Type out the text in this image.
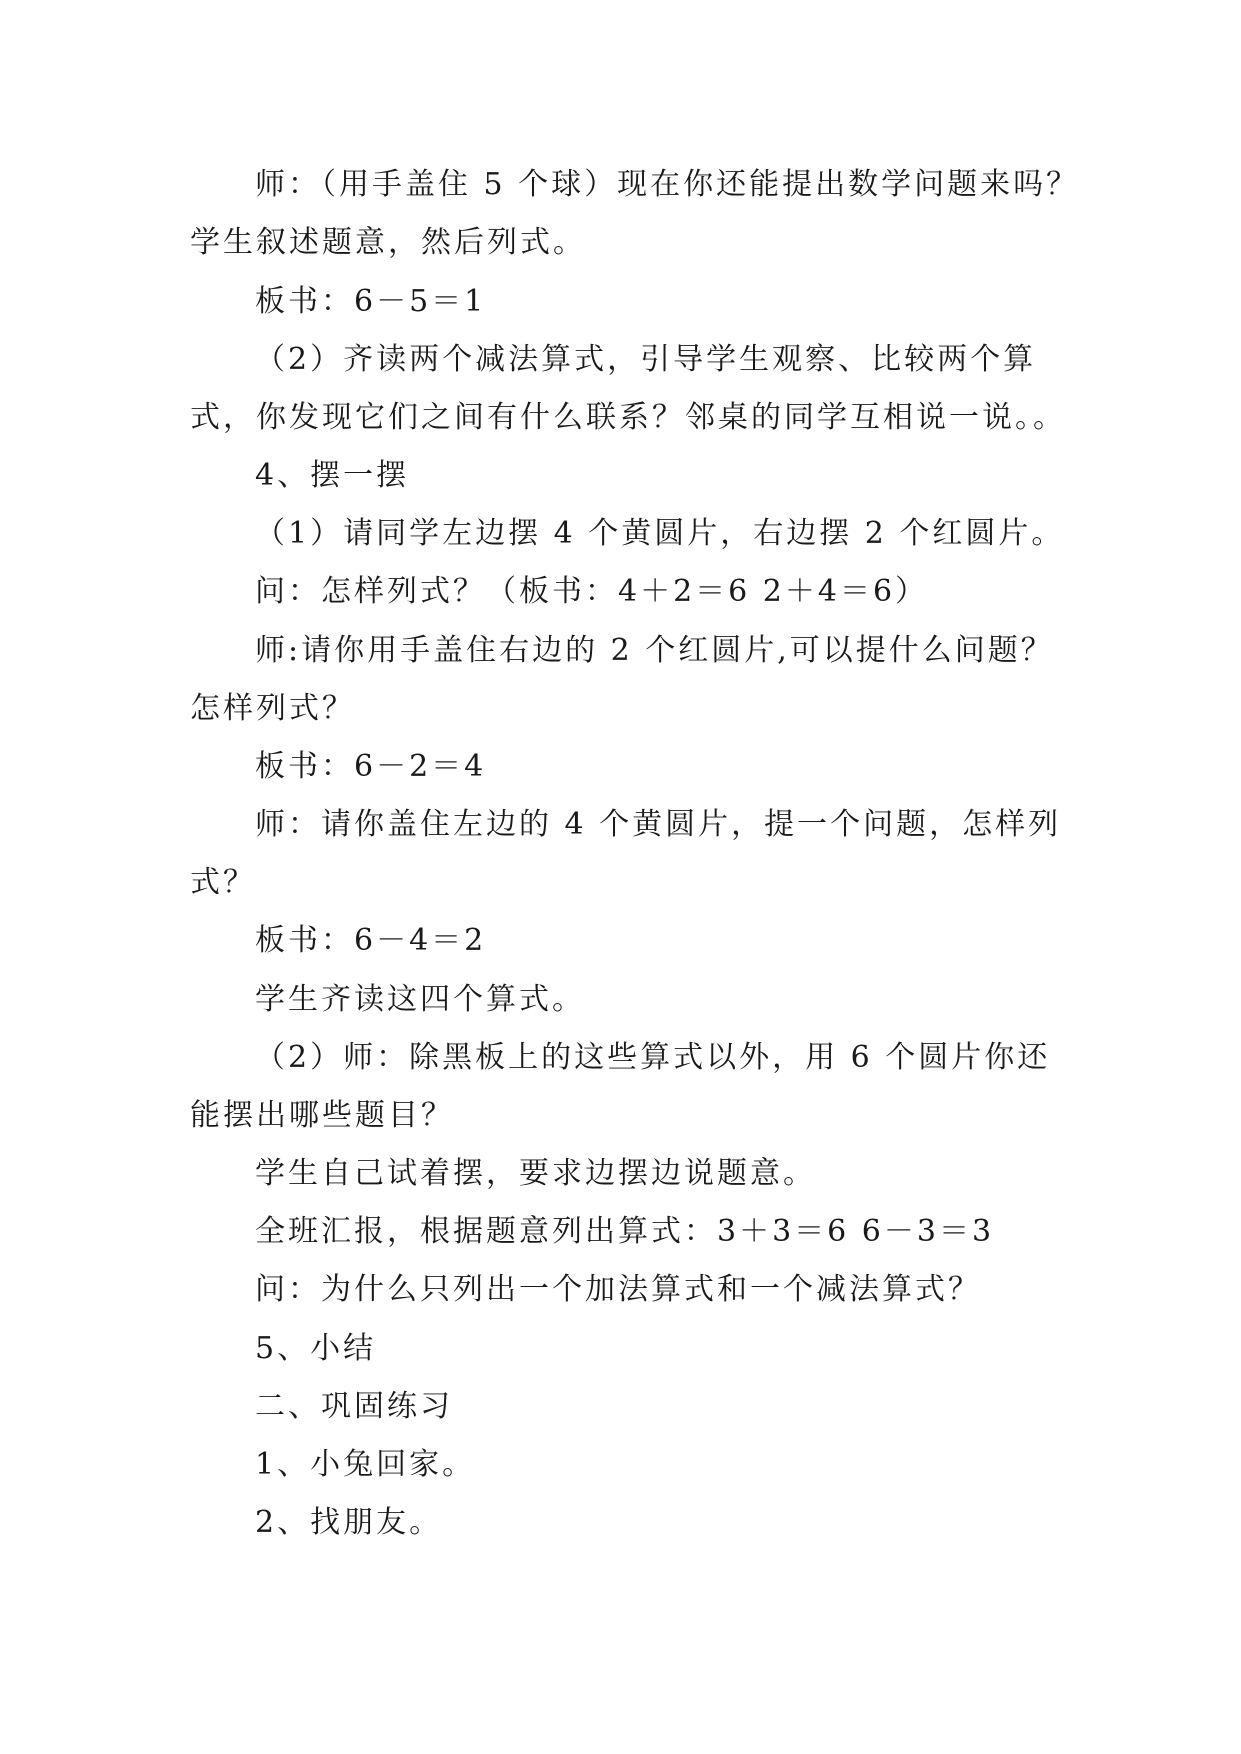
师：（用手盖住 5 个球）现在你还能提出数学问题来吗？
学生叙述题意，然后列式。
板书：6－5＝1
（2）齐读两个减法算式，引导学生观察、比较两个算
式，你发现它们之间有什么联系？邻桌的同学互相说一说。。
4、摆一摆
（1）请同学左边摆 4 个黄圆片，右边摆 2 个红圆片。
问：怎样列式？（板书：4＋2＝6 2＋4＝6）
师:请你用手盖住右边的 2 个红圆片,可以提什么问题？
怎样列式？
板书：6－2＝4
师：请你盖住左边的 4 个黄圆片，提一个问题，怎样列
式？
板书：6－4＝2
学生齐读这四个算式。
（2）师：除黑板上的这些算式以外，用 6 个圆片你还
能摆出哪些题目？
学生自己试着摆，要求边摆边说题意。
全班汇报，根据题意列出算式：3＋3＝6 6－3＝3
问：为什么只列出一个加法算式和一个减法算式？
5、小结
二、巩固练习
1、小兔回家。
2、找朋友。
